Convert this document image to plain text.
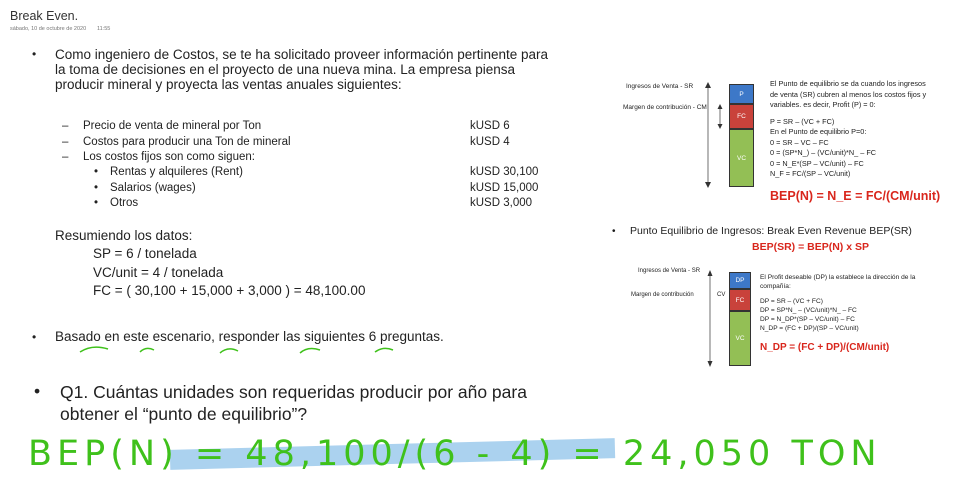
Break Even.
sábado, 10 de octubre de 2020 11:55
• Como ingeniero de Costos, se te ha solicitado proveer información pertinente para
la toma de decisiones en el proyecto de una nueva mina. La empresa piensa
producir mineral y proyecta las ventas anuales siguientes:
– Precio de venta de mineral por Ton	kUSD 6
– Costos para producir una Ton de mineral	kUSD 4
– Los costos fijos son como siguen:
• Rentas y alquileres (Rent)	kUSD 30,100
• Salarios (wages)	kUSD 15,000
• Otros	kUSD 3,000
Resumiendo los datos:
SP = 6 / tonelada
VC/unit = 4 / tonelada
FC = ( 30,100 + 15,000 + 3,000 ) = 48,100.00
• Basado en este escenario, responder las siguientes 6 preguntas.
• Q1. Cuántas unidades son requeridas producir por año para
obtener el “punto de equilibrio”?
BEP(N) = 48,100/(6 - 4) = 24,050 TON
Ingresos de Venta - SR
Margen de contribución - CM
P
FC
VC
El Punto de equilibrio se da cuando los ingresos
de venta (SR) cubren al menos los costos fijos y
variables. es decir, Profit (P) = 0:
P = SR – (VC + FC)
En el Punto de equilibrio P=0:
0 = SR – VC – FC
0 = (SP*N_) – (VC/unit)*N_ – FC
0 = N_E*(SP – VC/unit) – FC
N_F = FC/(SP – VC/unit)
BEP(N) = N_E = FC/(CM/unit)
• Punto Equilibrio de Ingresos: Break Even Revenue BEP(SR)
BEP(SR) = BEP(N) x SP
Ingresos de Venta - SR
Margen de contribución	CV
DP
FC
VC
El Profit deseable (DP) la establece la dirección de la
compañía:
DP = SR – (VC + FC)
DP = SP*N_ – (VC/unit)*N_ – FC
DP = N_DP*(SP – VC/unit) – FC
N_DP = (FC + DP)/(SP – VC/unit)
N_DP = (FC + DP)/(CM/unit)
